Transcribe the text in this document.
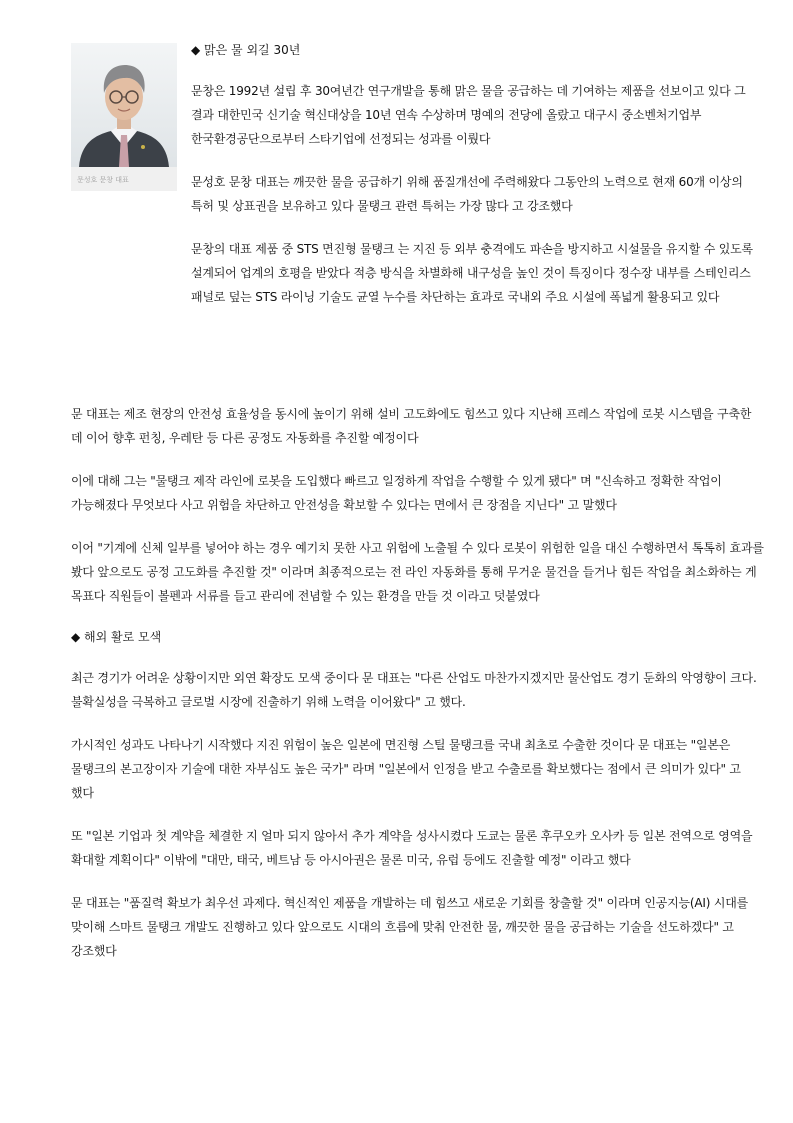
문성호 문창 대표
◆ 맑은 물 외길 30년

문창은 1992년 설립 후 30여년간 연구개발을 통해 맑은 물을 공급하는 데 기여하는 제품을 선보이고 있다 그 결과 대한민국 신기술 혁신대상을 10년 연속 수상하며 명예의 전당에 올랐고 대구시 중소벤처기업부 한국환경공단으로부터 스타기업에 선정되는 성과를 이뤘다

문성호 문창 대표는 깨끗한 물을 공급하기 위해 품질개선에 주력해왔다 그동안의 노력으로 현재 60개 이상의 특허 및 상표권을 보유하고 있다 물탱크 관련 특허는 가장 많다 고 강조했다

문창의 대표 제품 중 STS 면진형 물탱크 는 지진 등 외부 충격에도 파손을 방지하고 시설물을 유지할 수 있도록 설계되어 업계의 호평을 받았다 적층 방식을 차별화해 내구성을 높인 것이 특징이다 정수장 내부를 스테인리스 패널로 덮는 STS 라이닝 기술도 균열 누수를 차단하는 효과로 국내외 주요 시설에 폭넓게 활용되고 있다

문 대표는 제조 현장의 안전성 효율성을 동시에 높이기 위해 설비 고도화에도 힘쓰고 있다 지난해 프레스 작업에 로봇 시스템을 구축한 데 이어 향후 펀칭, 우레탄 등 다른 공정도 자동화를 추진할 예정이다

이에 대해 그는 "물탱크 제작 라인에 로봇을 도입했다 빠르고 일정하게 작업을 수행할 수 있게 됐다" 며 "신속하고 정확한 작업이 가능해졌다 무엇보다 사고 위험을 차단하고 안전성을 확보할 수 있다는 면에서 큰 장점을 지닌다" 고 말했다

이어 "기계에 신체 일부를 넣어야 하는 경우 예기치 못한 사고 위험에 노출될 수 있다 로봇이 위험한 일을 대신 수행하면서 톡톡히 효과를 봤다 앞으로도 공정 고도화를 추진할 것" 이라며 최종적으로는 전 라인 자동화를 통해 무거운 물건을 들거나 힘든 작업을 최소화하는 게 목표다 직원들이 볼펜과 서류를 들고 관리에 전념할 수 있는 환경을 만들 것 이라고 덧붙였다

◆ 해외 활로 모색

최근 경기가 어려운 상황이지만 외연 확장도 모색 중이다 문 대표는 "다른 산업도 마찬가지겠지만 물산업도 경기 둔화의 악영향이 크다. 불확실성을 극복하고 글로벌 시장에 진출하기 위해 노력을 이어왔다" 고 했다.

가시적인 성과도 나타나기 시작했다 지진 위험이 높은 일본에 면진형 스틸 물탱크를 국내 최초로 수출한 것이다 문 대표는 "일본은 물탱크의 본고장이자 기술에 대한 자부심도 높은 국가" 라며 "일본에서 인정을 받고 수출로를 확보했다는 점에서 큰 의미가 있다" 고 했다

또 "일본 기업과 첫 계약을 체결한 지 얼마 되지 않아서 추가 계약을 성사시켰다 도쿄는 물론 후쿠오카 오사카 등 일본 전역으로 영역을 확대할 계획이다" 이밖에 "대만, 태국, 베트남 등 아시아권은 물론 미국, 유럽 등에도 진출할 예정" 이라고 했다

문 대표는 "품질력 확보가 최우선 과제다. 혁신적인 제품을 개발하는 데 힘쓰고 새로운 기회를 창출할 것" 이라며 인공지능(AI) 시대를 맞이해 스마트 물탱크 개발도 진행하고 있다 앞으로도 시대의 흐름에 맞춰 안전한 물, 깨끗한 물을 공급하는 기술을 선도하겠다" 고 강조했다
